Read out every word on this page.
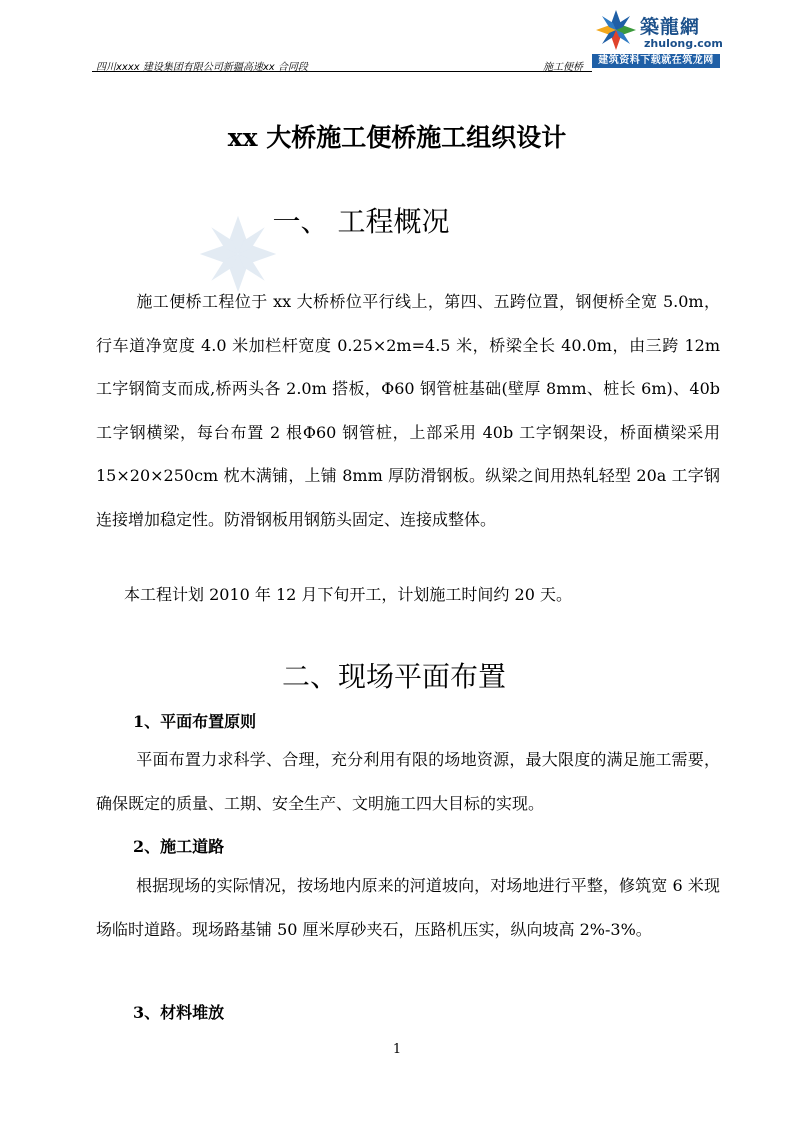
四川xxxx 建设集团有限公司新疆高速xx 合同段	施工便桥
築龍網
zhulong.com
建筑资料下载就在筑龙网
xx 大桥施工便桥施工组织设计
一、 工程概况
施工便桥工程位于 xx 大桥桥位平行线上，第四、五跨位置，钢便桥全宽 5.0m，行车道净宽度 4.0 米加栏杆宽度 0.25×2m=4.5 米，桥梁全长 40.0m，由三跨 12m 工字钢简支而成,桥两头各 2.0m 搭板，Φ60 钢管桩基础(壁厚 8mm、桩长 6m)、40b 工字钢横梁，每台布置 2 根Φ60 钢管桩，上部采用 40b 工字钢架设，桥面横梁采用 15×20×250cm 枕木满铺，上铺 8mm 厚防滑钢板。纵梁之间用热轧轻型 20a 工字钢连接增加稳定性。防滑钢板用钢筋头固定、连接成整体。
本工程计划 2010 年 12 月下旬开工，计划施工时间约 20 天。
二、现场平面布置
1、平面布置原则
平面布置力求科学、合理，充分利用有限的场地资源，最大限度的满足施工需要，确保既定的质量、工期、安全生产、文明施工四大目标的实现。
2、施工道路
根据现场的实际情况，按场地内原来的河道坡向，对场地进行平整，修筑宽 6 米现场临时道路。现场路基铺 50 厘米厚砂夹石，压路机压实，纵向坡高 2%-3%。
3、材料堆放
1
